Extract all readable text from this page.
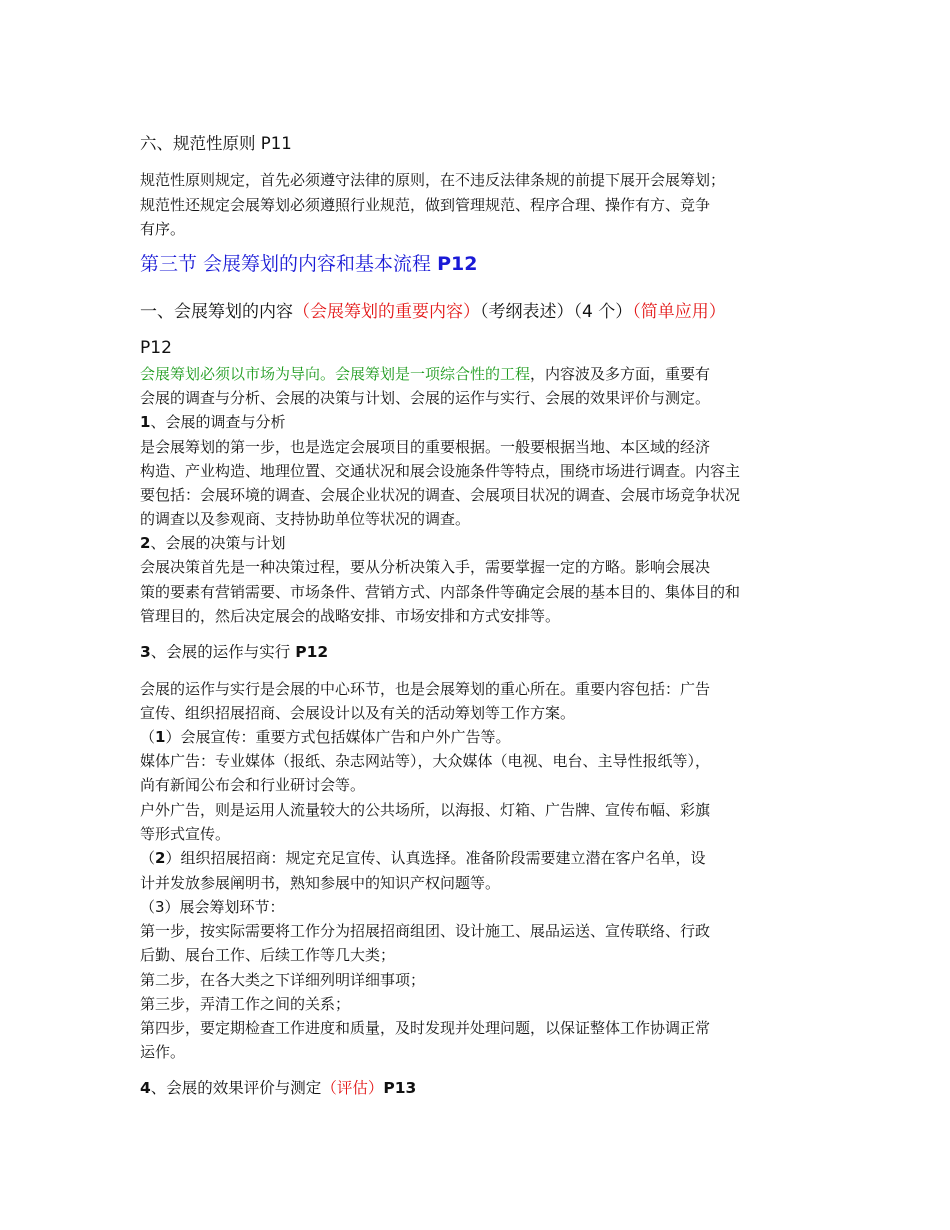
六、规范性原则 P11
规范性原则规定，首先必须遵守法律的原则，在不违反法律条规的前提下展开会展筹划；
规范性还规定会展筹划必须遵照行业规范，做到管理规范、程序合理、操作有方、竞争
有序。
第三节 会展筹划的内容和基本流程 P12
一、会展筹划的内容（会展筹划的重要内容）（考纲表述）（4 个）（简单应用）
P12
会展筹划必须以市场为导向。会展筹划是一项综合性的工程，内容波及多方面，重要有
会展的调查与分析、会展的决策与计划、会展的运作与实行、会展的效果评价与测定。
1、会展的调查与分析
是会展筹划的第一步，也是选定会展项目的重要根据。一般要根据当地、本区域的经济
构造、产业构造、地理位置、交通状况和展会设施条件等特点，围绕市场进行调查。内容主
要包括：会展环境的调查、会展企业状况的调查、会展项目状况的调查、会展市场竞争状况
的调查以及参观商、支持协助单位等状况的调查。
2、会展的决策与计划
会展决策首先是一种决策过程，要从分析决策入手，需要掌握一定的方略。影响会展决
策的要素有营销需要、市场条件、营销方式、内部条件等确定会展的基本目的、集体目的和
管理目的，然后决定展会的战略安排、市场安排和方式安排等。
3、会展的运作与实行 P12
会展的运作与实行是会展的中心环节，也是会展筹划的重心所在。重要内容包括：广告
宣传、组织招展招商、会展设计以及有关的活动筹划等工作方案。
（1）会展宣传：重要方式包括媒体广告和户外广告等。
媒体广告：专业媒体（报纸、杂志网站等），大众媒体（电视、电台、主导性报纸等），
尚有新闻公布会和行业研讨会等。
户外广告，则是运用人流量较大的公共场所，以海报、灯箱、广告牌、宣传布幅、彩旗
等形式宣传。
（2）组织招展招商：规定充足宣传、认真选择。准备阶段需要建立潜在客户名单，设
计并发放参展阐明书，熟知参展中的知识产权问题等。
（3）展会筹划环节：
第一步，按实际需要将工作分为招展招商组团、设计施工、展品运送、宣传联络、行政
后勤、展台工作、后续工作等几大类；
第二步，在各大类之下详细列明详细事项；
第三步，弄清工作之间的关系；
第四步，要定期检查工作进度和质量，及时发现并处理问题，以保证整体工作协调正常
运作。
4、会展的效果评价与测定（评估）P13
